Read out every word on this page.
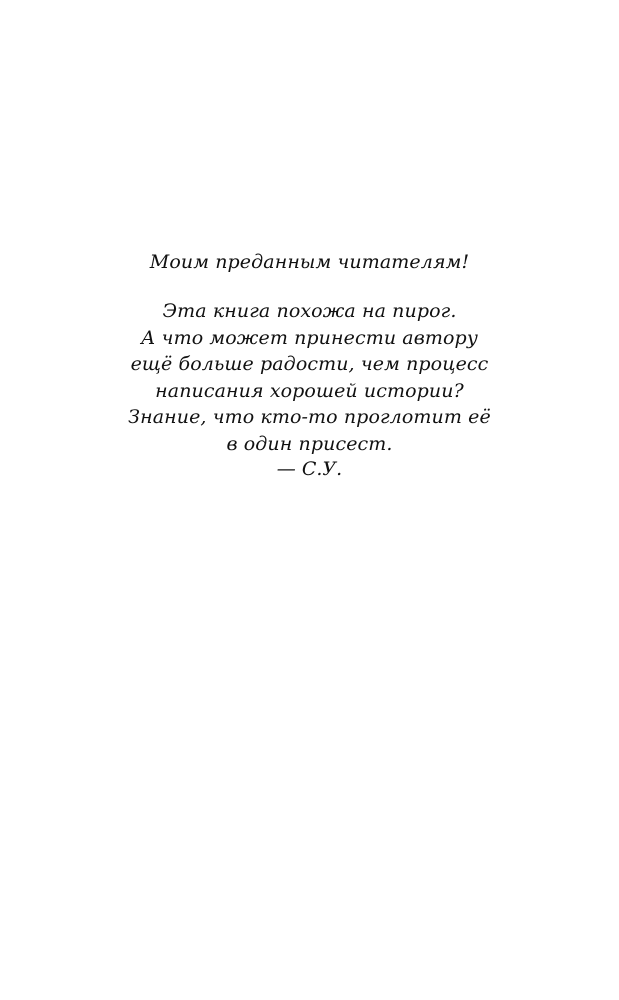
Моим преданным читателям!
Эта книга похожа на пирог.
А что может принести автору
ещё больше радости, чем процесс
написания хорошей истории?
Знание, что кто-то проглотит её
в один присест.
— С.У.
